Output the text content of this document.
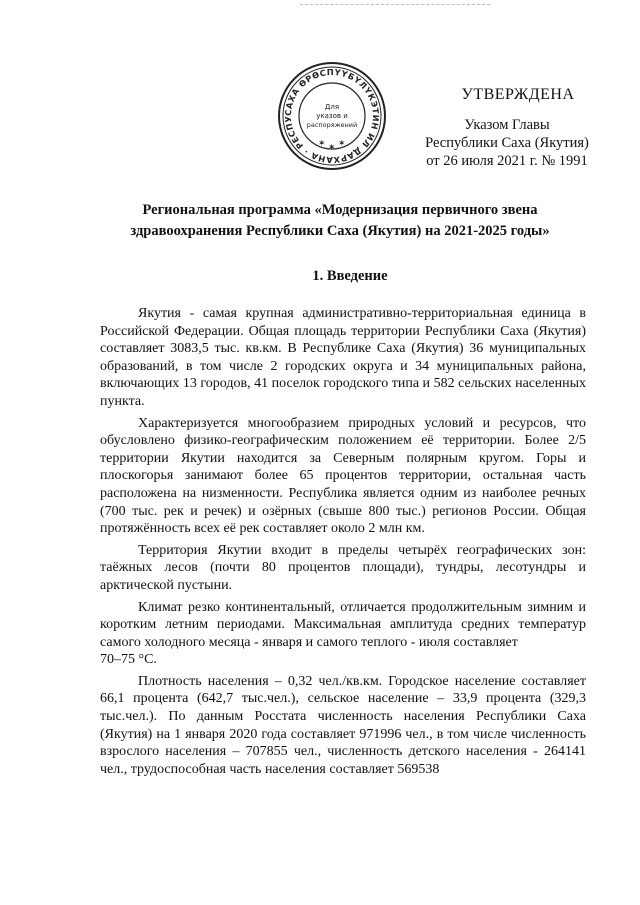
САХА ӨРӨСПҮҮБҮЛҮКЭТИН ИЛ ДАРХАНА · РЕСПУ
Для
указов и
распоряжений
✶ ✶ ✶
УТВЕРЖДЕНА
Указом Главы
Республики Саха (Якутия)
от 26 июля 2021 г. № 1991
Региональная программа «Модернизация первичного звена
здравоохранения Республики Саха (Якутия) на 2021-2025 годы»
1. Введение

Якутия - самая крупная административно-территориальная единица в Российской Федерации. Общая площадь территории Республики Саха (Якутия) составляет 3083,5 тыс. кв.км. В Республике Саха (Якутия) 36 муниципальных образований, в том числе 2 городских округа и 34 муниципальных района, включающих 13 городов, 41 поселок городского типа и 582 сельских населенных пункта.

Характеризуется многообразием природных условий и ресурсов, что обусловлено физико-географическим положением её территории. Более 2/5 территории Якутии находится за Северным полярным кругом. Горы и плоскогорья занимают более 65 процентов территории, остальная часть расположена на низменности. Республика является одним из наиболее речных (700 тыс. рек и речек) и озёрных (свыше 800 тыс.) регионов России. Общая протяжённость всех её рек составляет около 2 млн км.

Территория Якутии входит в пределы четырёх географических зон: таёжных лесов (почти 80 процентов площади), тундры, лесотундры и арктической пустыни.

Климат резко континентальный, отличается продолжительным зимним и коротким летним периодами. Максимальная амплитуда средних температур самого холодного месяца - января и самого теплого - июля составляет

70–75 °C.

Плотность населения – 0,32 чел./кв.км. Городское население составляет 66,1 процента (642,7 тыс.чел.), сельское население – 33,9 процента (329,3 тыс.чел.). По данным Росстата численность населения Республики Саха (Якутия) на 1 января 2020 года составляет 971996 чел., в том числе численность взрослого населения – 707855 чел., численность детского населения - 264141 чел., трудоспособная часть населения составляет 569538
